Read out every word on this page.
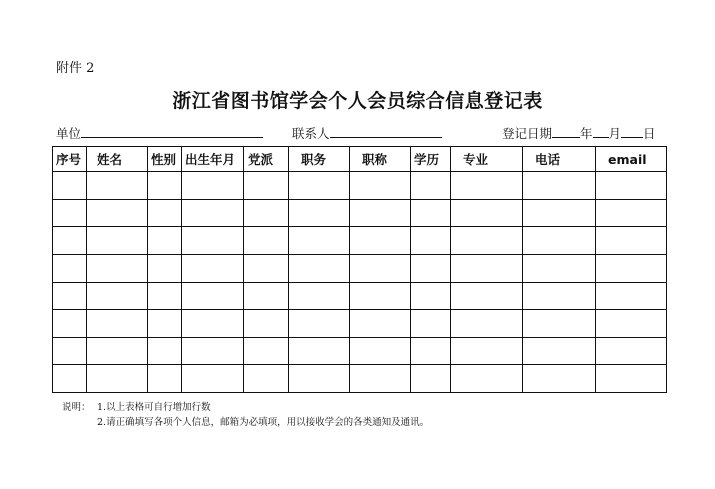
附件 2
浙江省图书馆学会个人会员综合信息登记表
单位	联系人	登记日期 年 月 日
序号	姓名	性别	出生年月	党派	职务	职称	学历	专业	电话	email

说明： 1.以上表格可自行增加行数
2.请正确填写各项个人信息，邮箱为必填项，用以接收学会的各类通知及通讯。
